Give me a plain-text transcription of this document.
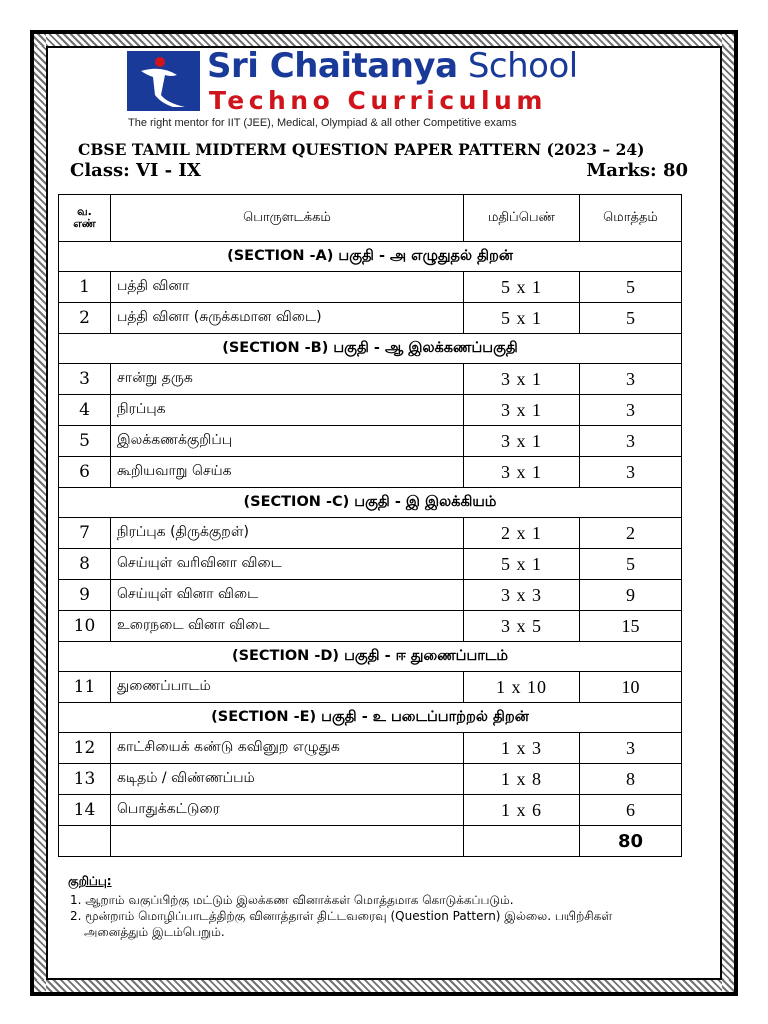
Sri Chaitanya School
Techno Curriculum
The right mentor for IIT (JEE), Medical, Olympiad & all other Competitive exams
CBSE TAMIL MIDTERM QUESTION PAPER PATTERN (2023 – 24)
Class: VI - IX	Marks: 80
வ.
எண்	பொருளடக்கம்	மதிப்பெண்	மொத்தம்
(SECTION -A) பகுதி - அ எழுதுதல் திறன்			
1	பத்தி வினா	5 x 1	5
2	பத்தி வினா (சுருக்கமான விடை)	5 x 1	5
(SECTION -B) பகுதி - ஆ இலக்கணப்பகுதி			
3	சான்று தருக	3 x 1	3
4	நிரப்புக	3 x 1	3
5	இலக்கணக்குறிப்பு	3 x 1	3
6	கூறியவாறு செய்க	3 x 1	3
(SECTION -C) பகுதி - இ இலக்கியம்			
7	நிரப்புக (திருக்குறள்)	2 x 1	2
8	செய்யுள் வரிவினா விடை	5 x 1	5
9	செய்யுள் வினா விடை	3 x 3	9
10	உரைநடை வினா விடை	3 x 5	15
(SECTION -D) பகுதி - ஈ துணைப்பாடம்			
11	துணைப்பாடம்	1 x 10	10
(SECTION -E) பகுதி - உ படைப்பாற்றல் திறன்			
12	காட்சியைக் கண்டு கவினுற எழுதுக	1 x 3	3
13	கடிதம் / விண்ணப்பம்	1 x 8	8
14	பொதுக்கட்டுரை	1 x 6	6
			80
குறிப்பு:
1. ஆறாம் வகுப்பிற்கு மட்டும் இலக்கண வினாக்கள் மொத்தமாக கொடுக்கப்படும்.
2. மூன்றாம் மொழிப்பாடத்திற்கு வினாத்தாள் திட்டவரைவு (Question Pattern) இல்லை. பயிற்சிகள்
அனைத்தும் இடம்பெறும்.
